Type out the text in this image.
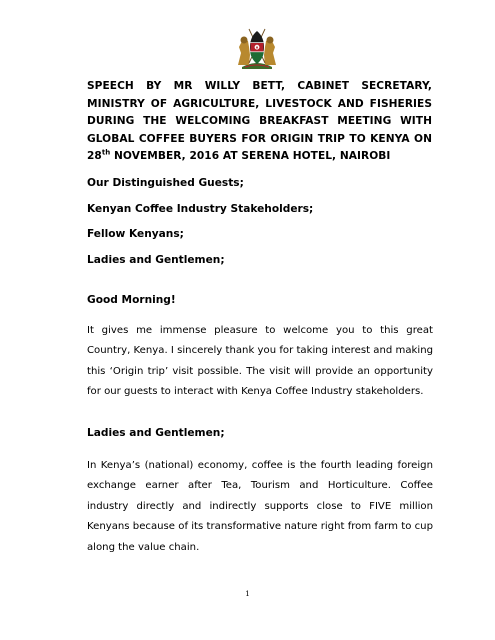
SPEECH BY MR WILLY BETT, CABINET SECRETARY, MINISTRY OF AGRICULTURE, LIVESTOCK AND FISHERIES DURING THE WELCOMING BREAKFAST MEETING WITH GLOBAL COFFEE BUYERS FOR ORIGIN TRIP TO KENYA ON 28th NOVEMBER, 2016 AT SERENA HOTEL, NAIROBI
Our Distinguished Guests;
Kenyan Coffee Industry Stakeholders;
Fellow Kenyans;
Ladies and Gentlemen;
Good Morning!
It gives me immense pleasure to welcome you to this great Country, Kenya. I sincerely thank you for taking interest and making this ‘Origin trip’ visit possible. The visit will provide an opportunity for our guests to interact with Kenya Coffee Industry stakeholders.
Ladies and Gentlemen;
In Kenya’s (national) economy, coffee is the fourth leading foreign exchange earner after Tea, Tourism and Horticulture. Coffee industry directly and indirectly supports close to FIVE million Kenyans because of its transformative nature right from farm to cup along the value chain.
1
